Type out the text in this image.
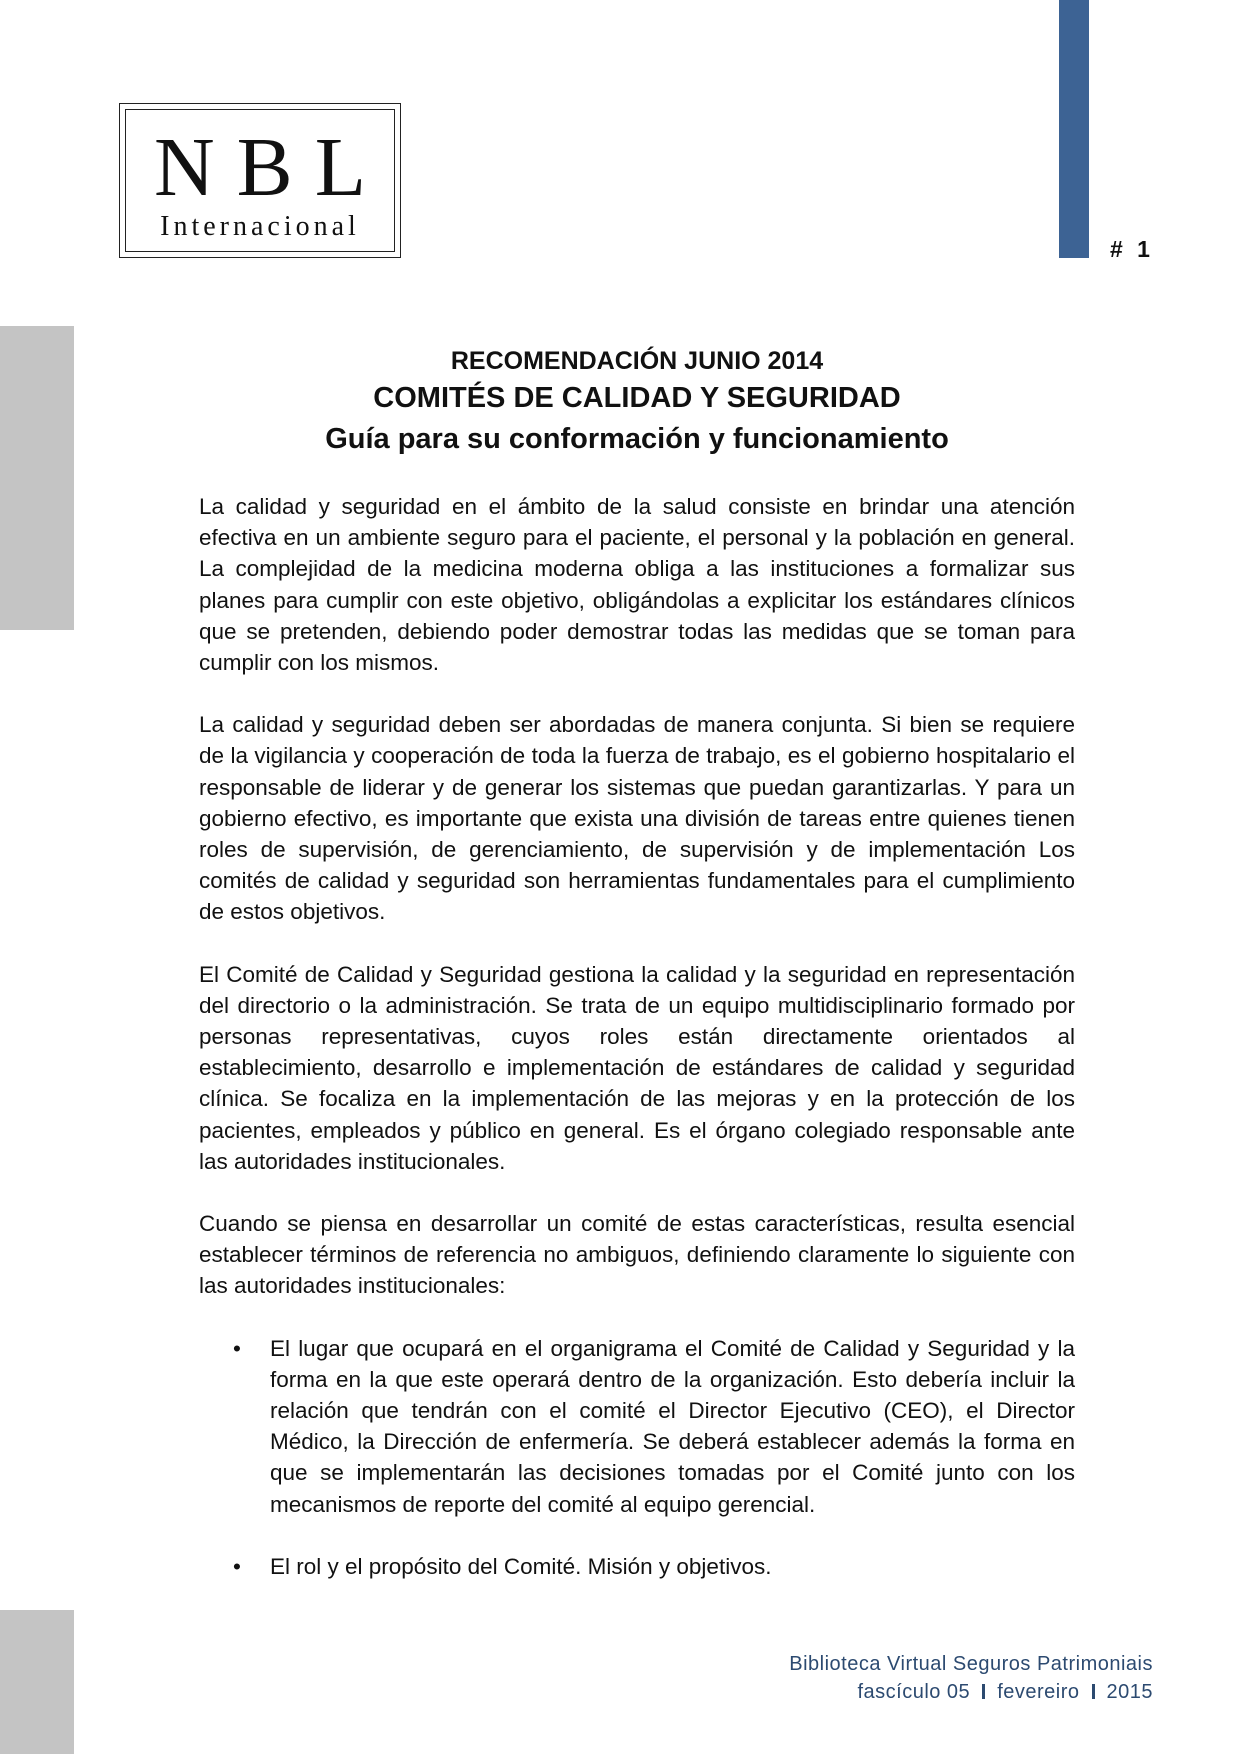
# 1
NBL
Internacional
RECOMENDACIÓN JUNIO 2014
COMITÉS DE CALIDAD Y SEGURIDAD
Guía para su conformación y funcionamiento

La calidad y seguridad en el ámbito de la salud consiste en brindar una atención efectiva en un ambiente seguro para el paciente, el personal y la población en general. La complejidad de la medicina moderna obliga a las instituciones a formalizar sus planes para cumplir con este objetivo, obligándolas a explicitar los estándares clínicos que se pretenden, debiendo poder demostrar todas las medidas que se toman para cumplir con los mismos.

La calidad y seguridad deben ser abordadas de manera conjunta. Si bien se requiere de la vigilancia y cooperación de toda la fuerza de trabajo, es el gobierno hospitalario el responsable de liderar y de generar los sistemas que puedan garantizarlas. Y para un gobierno efectivo, es importante que exista una división de tareas entre quienes tienen roles de supervisión, de gerenciamiento, de supervisión y de implementación Los comités de calidad y seguridad son herramientas fundamentales para el cumplimiento de estos objetivos.

El Comité de Calidad y Seguridad gestiona la calidad y la seguridad en representación del directorio o la administración. Se trata de un equipo multidisciplinario formado por personas representativas, cuyos roles están directamente orientados al establecimiento, desarrollo e implementación de estándares de calidad y seguridad clínica. Se focaliza en la implementación de las mejoras y en la protección de los pacientes, empleados y público en general. Es el órgano colegiado responsable ante las autoridades institucionales.

Cuando se piensa en desarrollar un comité de estas características, resulta esencial establecer términos de referencia no ambiguos, definiendo claramente lo siguiente con las autoridades institucionales:

• El lugar que ocupará en el organigrama el Comité de Calidad y Seguridad y la forma en la que este operará dentro de la organización. Esto debería incluir la relación que tendrán con el comité el Director Ejecutivo (CEO), el Director Médico, la Dirección de enfermería. Se deberá establecer además la forma en que se implementarán las decisiones tomadas por el Comité junto con los mecanismos de reporte del comité al equipo gerencial.
• El rol y el propósito del Comité. Misión y objetivos.
Biblioteca Virtual Seguros Patrimoniais
fascículo 05 fevereiro 2015
